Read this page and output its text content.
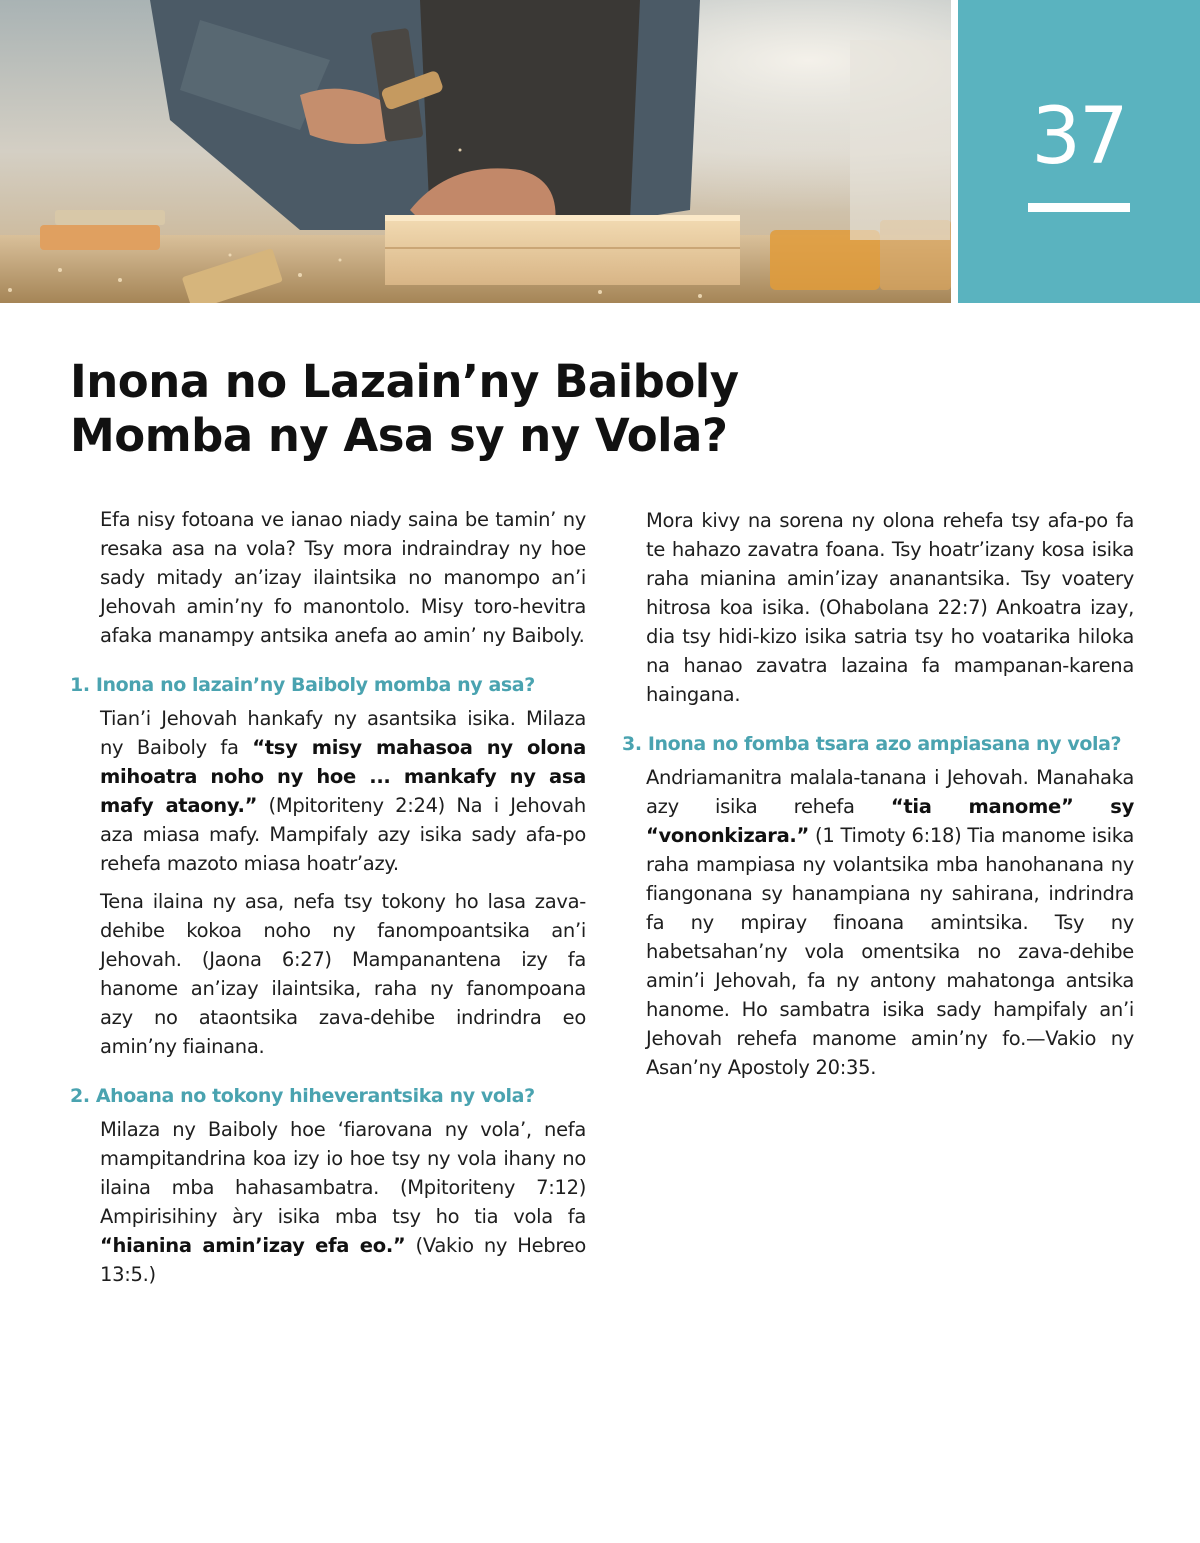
37
Inona no Lazain’ny Baiboly
Momba ny Asa sy ny Vola?

Efa nisy fotoana ve ianao niady saina be tamin’ ny resaka asa na vola? Tsy mora indraindray ny hoe sady mitady an’izay ilaintsika no manompo an’i Jehovah amin’ny fo manontolo. Misy toro-hevitra afaka manampy antsika anefa ao amin’ ny Baiboly.

1. Inona no lazain’ny Baiboly momba ny asa?

Tian’i Jehovah hankafy ny asantsika isika. Milaza ny Baiboly fa “tsy misy mahasoa ny olona mihoatra noho ny hoe ... mankafy ny asa mafy ataony.” (Mpitoriteny 2:24) Na i Jehovah aza miasa mafy. Mampifaly azy isika sady afa-po rehefa mazoto miasa hoatr’azy.

Tena ilaina ny asa, nefa tsy tokony ho lasa zava-dehibe kokoa noho ny fanompoantsika an’i Jehovah. (Jaona 6:27) Mampanantena izy fa hanome an’izay ilaintsika, raha ny fanompoana azy no ataontsika zava-dehibe indrindra eo amin’ny fiainana.

2. Ahoana no tokony hiheverantsika ny vola?

Milaza ny Baiboly hoe ‘fiarovana ny vola’, nefa mampitandrina koa izy io hoe tsy ny vola ihany no ilaina mba hahasambatra. (Mpitoriteny 7:12) Ampirisihiny àry isika mba tsy ho tia vola fa “hianina amin’izay efa eo.” (Vakio ny Hebreo 13:5.)

Mora kivy na sorena ny olona rehefa tsy afa-po fa te hahazo zavatra foana. Tsy hoatr’izany kosa isika raha mianina amin’izay ananantsika. Tsy voatery hitrosa koa isika. (Ohabolana 22:7) Ankoatra izay, dia tsy hidi-kizo isika satria tsy ho voatarika hiloka na hanao zavatra lazaina fa mampanan-karena haingana.

3. Inona no fomba tsara azo ampiasana ny vola?

Andriamanitra malala-tanana i Jehovah. Manahaka azy isika rehefa “tia manome” sy “vononkizara.” (1 Timoty 6:18) Tia manome isika raha mampiasa ny volantsika mba hanohanana ny fiangonana sy hanampiana ny sahirana, indrindra fa ny mpiray finoana amintsika. Tsy ny habetsahan’ny vola omentsika no zava-dehibe amin’i Jehovah, fa ny antony mahatonga antsika hanome. Ho sambatra isika sady hampifaly an’i Jehovah rehefa manome amin’ny fo.—Vakio ny Asan’ny Apostoly 20:35.
